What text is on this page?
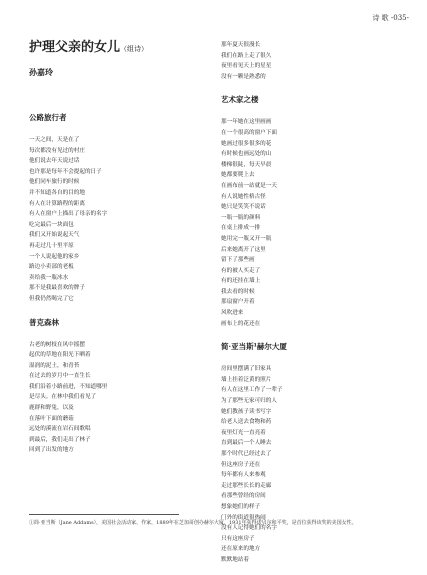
诗 歌 -035-
护理父亲的女儿（组诗）
孙嘉玲
公路旅行者
一天之间，天是在了
每次都没有见过的村庄
他们说去年天说过话
也许那是每年不会提起的日子
他们同车旅行的时候
并不知道各自的目的地
有人在计算路程的距离
有人在窗户上描出了母亲的名字
吃完最后一块面包
我们又开始说起天气
再走过几十里平原
一个人说起他的家乡
路边小卖部的老板
卖给我一瓶冰水
那不是我最喜欢的牌子
但我仍然喝完了它
普克森林
古老的树枝在风中摇摆
起伏的草地在阳光下晒着
湿润的泥土，和青苔
在过去的岁月中一直生长
我们沿着小路前进，不知道哪里
是尽头。在林中我们看见了
鹿群和野兔，以及
在落叶下面的蘑菇
远处的溪流在岩石间歌唱
到最后，我们走出了林子
回到了出发的地方
那年夏天很漫长
我们在路上走了很久
夜里看见天上的星星
没有一颗是熟悉的
艺术家之楼
那一年她在这里画画
在一个很高的窗户下面
她画过很多很多的花
有时候也画远处的山
楼梯很陡，每天早晨
她都要爬上去
在画布前一站就是一天
有人说她性格古怪
她只是笑笑不说话
一瓶一瓶的颜料
在桌上排成一排
她用完一瓶又开一瓶
后来她离开了这里
留下了那些画
有的被人买走了
有的还挂在墙上
我去看的时候
那扇窗户开着
风吹进来
画布上的花还在
简·亚当斯¹赫尔大厦
房间里摆满了旧家具
墙上挂着泛黄的照片
有人在这里工作了一辈子
为了那些无家可归的人
她们教孩子读书写字
给老人送去食物和药
夜里灯光一直亮着
直到最后一个人睡去
那个时代已经过去了
但这座房子还在
每年都有人来参观
走过那些长长的走廊
看那些曾经的房间
想象她们的样子
门外的街道很热闹
没有人记得她们的名字
只有这座房子
还在原来的地方
默默地站着
①简·亚当斯（Jane Addams），美国社会活动家、作家，1889年在芝加哥创办赫尔大厦，1931年获得诺贝尔和平奖，是首位获得该奖的美国女性。
